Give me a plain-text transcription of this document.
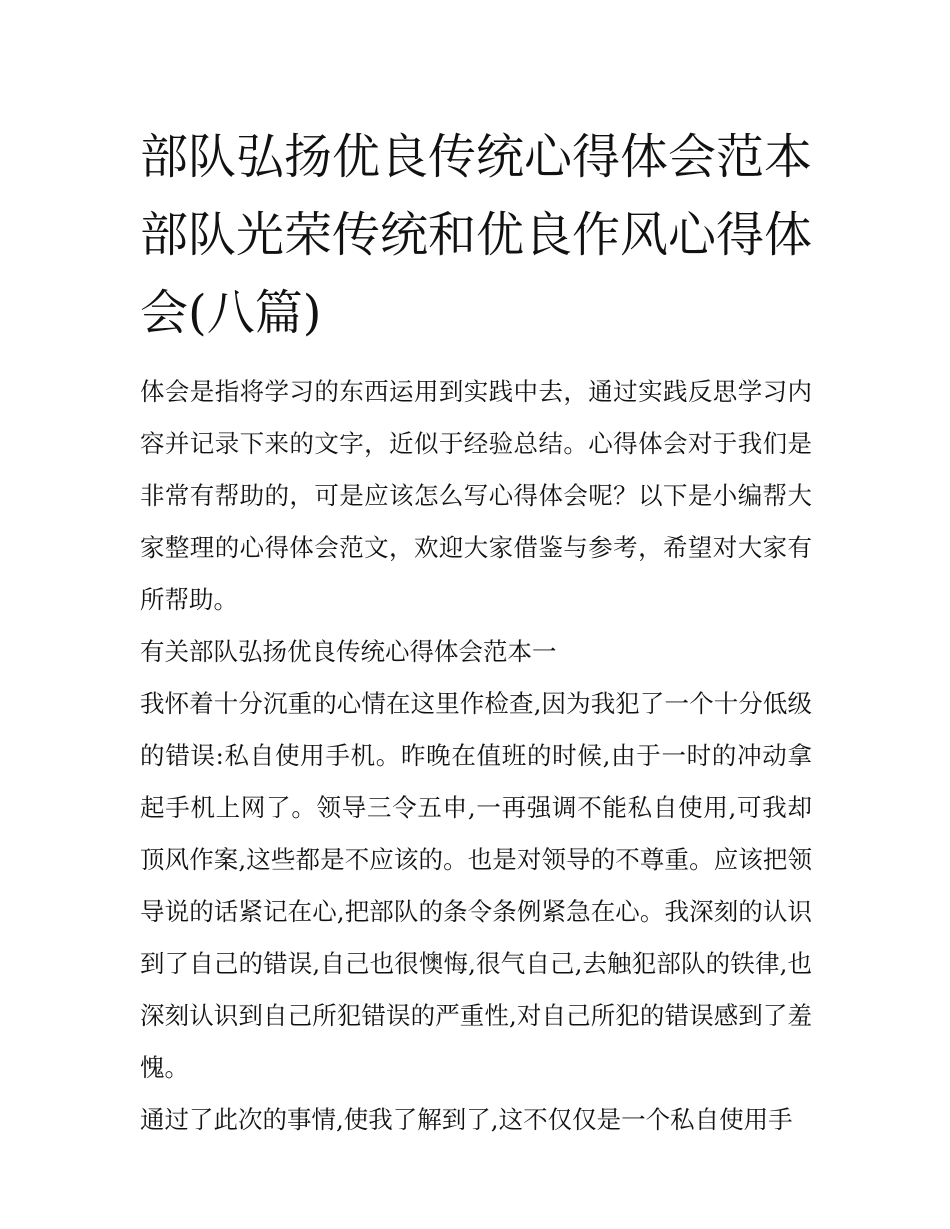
部队弘扬优良传统心得体会范本 部队光荣传统和优良作风心得体会(八篇)

体会是指将学习的东西运用到实践中去，通过实践反思学习内容并记录下来的文字，近似于经验总结。心得体会对于我们是非常有帮助的，可是应该怎么写心得体会呢？以下是小编帮大家整理的心得体会范文，欢迎大家借鉴与参考，希望对大家有所帮助。

有关部队弘扬优良传统心得体会范本一

我怀着十分沉重的心情在这里作检查,因为我犯了一个十分低级的错误:私自使用手机。昨晚在值班的时候,由于一时的冲动拿起手机上网了。领导三令五申,一再强调不能私自使用,可我却顶风作案,这些都是不应该的。也是对领导的不尊重。应该把领导说的话紧记在心,把部队的条令条例紧急在心。我深刻的认识到了自己的错误,自己也很懊悔,很气自己,去触犯部队的铁律,也深刻认识到自己所犯错误的严重性,对自己所犯的错误感到了羞愧。

通过了此次的事情,使我了解到了,这不仅仅是一个私自使用手
